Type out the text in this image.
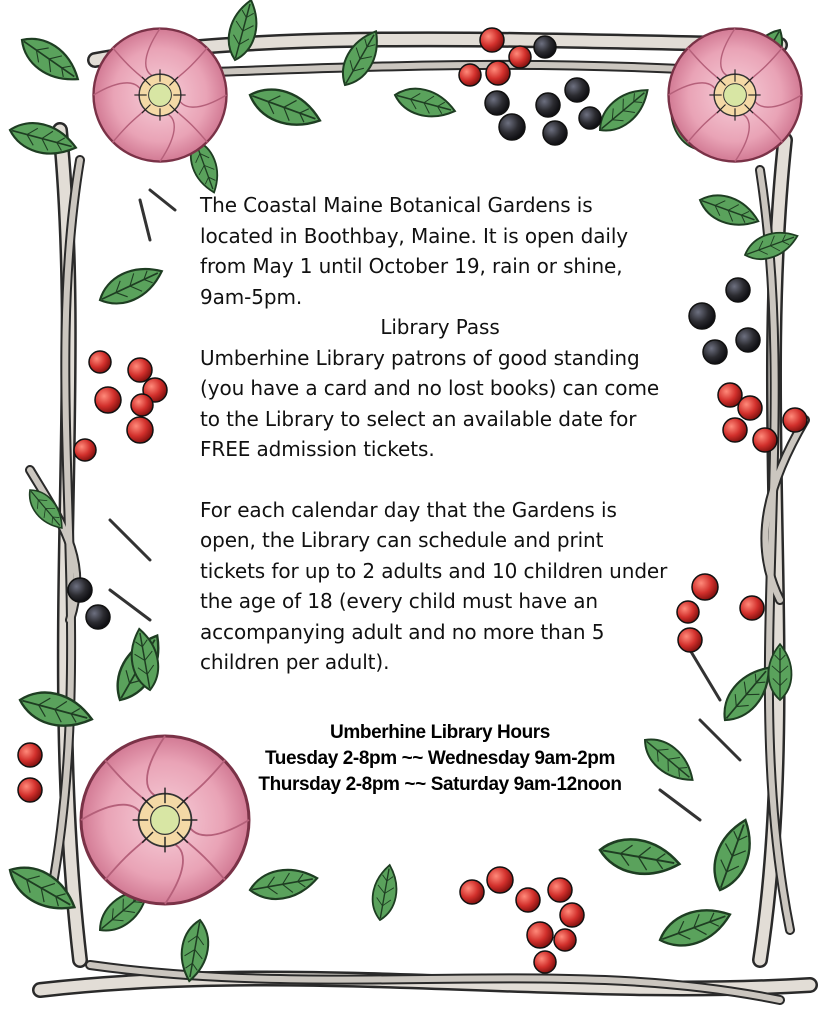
The Coastal Maine Botanical Gardens is located in Boothbay, Maine. It is open daily from May 1 until October 19, rain or shine, 9am-5pm.

Library Pass

Umberhine Library patrons of good standing (you have a card and no lost books) can come to the Library to select an available date for FREE admission tickets.

For each calendar day that the Gardens is open, the Library can schedule and print tickets for up to 2 adults and 10 children under the age of 18 (every child must have an accompanying adult and no more than 5 children per adult).

Umberhine Library Hours
Tuesday 2-8pm ~~ Wednesday 9am-2pm
Thursday 2-8pm ~~ Saturday 9am-12noon
